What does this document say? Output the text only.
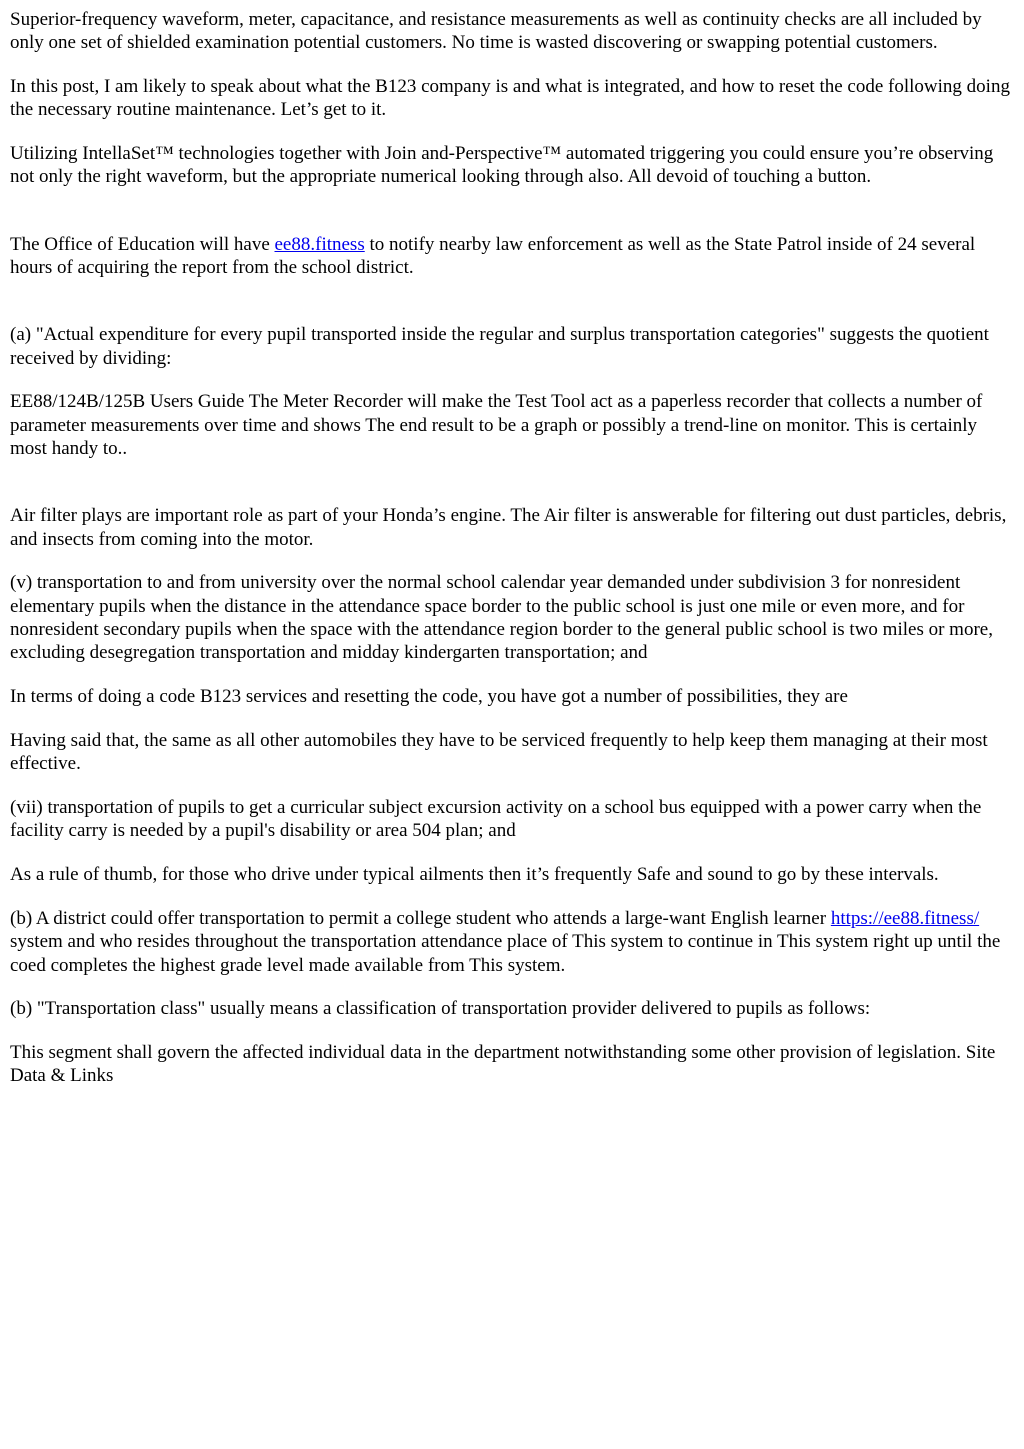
Superior-frequency waveform, meter, capacitance, and resistance measurements as well as continuity checks are all included by only one set of shielded examination potential customers. No time is wasted discovering or swapping potential customers.

In this post, I am likely to speak about what the B123 company is and what is integrated, and how to reset the code following doing the necessary routine maintenance. Let’s get to it.

Utilizing IntellaSet™ technologies together with Join and-Perspective™ automated triggering you could ensure you’re observing not only the right waveform, but the appropriate numerical looking through also. All devoid of touching a button.

The Office of Education will have ee88.fitness to notify nearby law enforcement as well as the State Patrol inside of 24 several hours of acquiring the report from the school district.

(a) "Actual expenditure for every pupil transported inside the regular and surplus transportation categories" suggests the quotient received by dividing:

EE88/124B/125B Users Guide The Meter Recorder will make the Test Tool act as a paperless recorder that collects a number of parameter measurements over time and shows The end result to be a graph or possibly a trend-line on monitor. This is certainly most handy to..

Air filter plays are important role as part of your Honda’s engine. The Air filter is answerable for filtering out dust particles, debris, and insects from coming into the motor.

(v) transportation to and from university over the normal school calendar year demanded under subdivision 3 for nonresident elementary pupils when the distance in the attendance space border to the public school is just one mile or even more, and for nonresident secondary pupils when the space with the attendance region border to the general public school is two miles or more, excluding desegregation transportation and midday kindergarten transportation; and

In terms of doing a code B123 services and resetting the code, you have got a number of possibilities, they are

Having said that, the same as all other automobiles they have to be serviced frequently to help keep them managing at their most effective.

(vii) transportation of pupils to get a curricular subject excursion activity on a school bus equipped with a power carry when the facility carry is needed by a pupil's disability or area 504 plan; and

As a rule of thumb, for those who drive under typical ailments then it’s frequently Safe and sound to go by these intervals.

(b) A district could offer transportation to permit a college student who attends a large-want English learner https://ee88.fitness/ system and who resides throughout the transportation attendance place of This system to continue in This system right up until the coed completes the highest grade level made available from This system.

(b) "Transportation class" usually means a classification of transportation provider delivered to pupils as follows:

This segment shall govern the affected individual data in the department notwithstanding some other provision of legislation. Site Data & Links
